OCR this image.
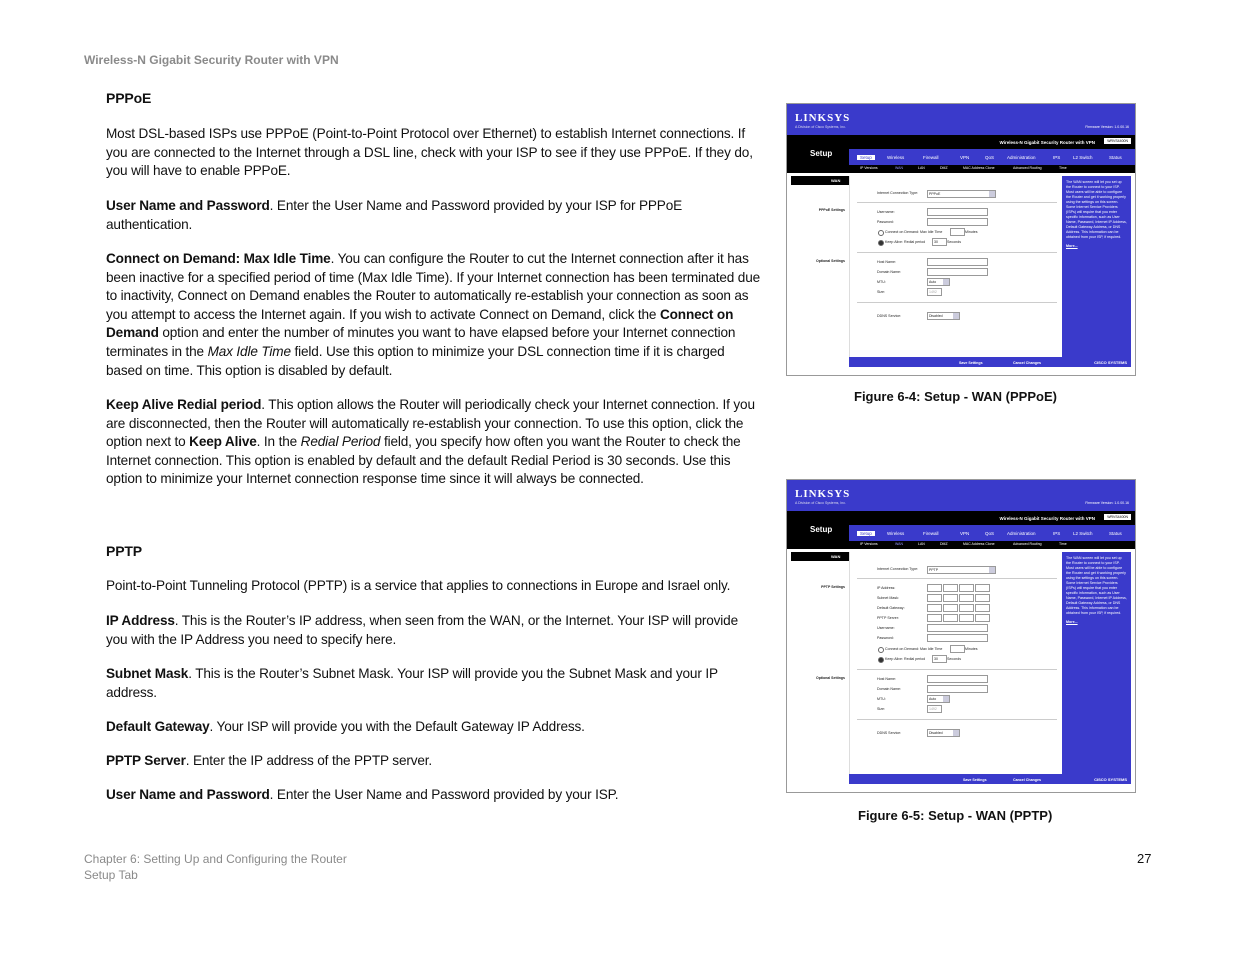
Wireless-N Gigabit Security Router with VPN
PPPoE

Most DSL-based ISPs use PPPoE (Point-to-Point Protocol over Ethernet) to establish Internet connections. If you are connected to the Internet through a DSL line, check with your ISP to see if they use PPPoE. If they do, you will have to enable PPPoE.

User Name and Password. Enter the User Name and Password provided by your ISP for PPPoE authentication.

Connect on Demand: Max Idle Time. You can configure the Router to cut the Internet connection after it has been inactive for a specified period of time (Max Idle Time). If your Internet connection has been terminated due to inactivity, Connect on Demand enables the Router to automatically re-establish your connection as soon as you attempt to access the Internet again. If you wish to activate Connect on Demand, click the Connect on Demand option and enter the number of minutes you want to have elapsed before your Internet connection terminates in the Max Idle Time field. Use this option to minimize your DSL connection time if it is charged based on time. This option is disabled by default.

Keep Alive Redial period. This option allows the Router will periodically check your Internet connection. If you are disconnected, then the Router will automatically re-establish your connection. To use this option, click the option next to Keep Alive. In the Redial Period field, you specify how often you want the Router to check the Internet connection. This option is enabled by default and the default Redial Period is 30 seconds. Use this option to minimize your Internet connection response time since it will always be connected.

PPTP

Point-to-Point Tunneling Protocol (PPTP) is a service that applies to connections in Europe and Israel only.

IP Address. This is the Router’s IP address, when seen from the WAN, or the Internet. Your ISP will provide you with the IP Address you need to specify here.

Subnet Mask. This is the Router’s Subnet Mask. Your ISP will provide you the Subnet Mask and your IP address.

Default Gateway. Your ISP will provide you with the Default Gateway IP Address.

PPTP Server. Enter the IP address of the PPTP server.

User Name and Password. Enter the User Name and Password provided by your ISP.

LINKSYS
A Division of Cisco Systems, Inc.	Firmware Version: 1.0.00.16
Setup
Wireless-N Gigabit Security Router with VPN	WRVS4400N
Setup	Wireless	Firewall	VPN	QoS	Administration	IPS	L2 Switch	Status
IP Versions	WAN	LAN	DMZ	MAC Address Clone	Advanced Routing	Time
WAN
PPPoE Settings
Optional Settings
Internet Connection Type:	PPPoE
Username:
Password:
Connect on Demand: Max Idle Time	Minutes
Keep Alive: Redial period	30	Seconds
Host Name:
Domain Name:
MTU:	Auto
Size:	1492
DDNS Service:	Disabled
The WAN screen will let you set up the Router to connect to your ISP. Most users will be able to configure the Router and get it working properly using the settings on this screen. Some Internet Service Providers (ISPs) will require that you enter specific information, such as User Name, Password, Internet IP Address, Default Gateway Address, or DNS Address. This information can be obtained from your ISP, if required.
More...
Save Settings	Cancel Changes	CISCO SYSTEMS
Figure 6-4: Setup - WAN (PPPoE)
LINKSYS
A Division of Cisco Systems, Inc.	Firmware Version: 1.0.00.16
Setup
Wireless-N Gigabit Security Router with VPN	WRVS4400N
Setup	Wireless	Firewall	VPN	QoS	Administration	IPS	L2 Switch	Status
IP Versions	WAN	LAN	DMZ	MAC Address Clone	Advanced Routing	Time
WAN
PPTP Settings
Optional Settings
Internet Connection Type:	PPTP
IP Address:
Subnet Mask:
Default Gateway:
PPTP Server:
Username:
Password:
Connect on Demand: Max Idle Time	Minutes
Keep Alive: Redial period	30	Seconds
Host Name:
Domain Name:
MTU:	Auto
Size:	1492
DDNS Service:	Disabled
The WAN screen will let you set up the Router to connect to your ISP. Most users will be able to configure the Router and get it working properly using the settings on this screen. Some Internet Service Providers (ISPs) will require that you enter specific information, such as User Name, Password, Internet IP Address, Default Gateway Address, or DNS Address. This information can be obtained from your ISP, if required.
More...
Save Settings	Cancel Changes	CISCO SYSTEMS
Figure 6-5: Setup - WAN (PPTP)
Chapter 6: Setting Up and Configuring the Router
Setup Tab
27
